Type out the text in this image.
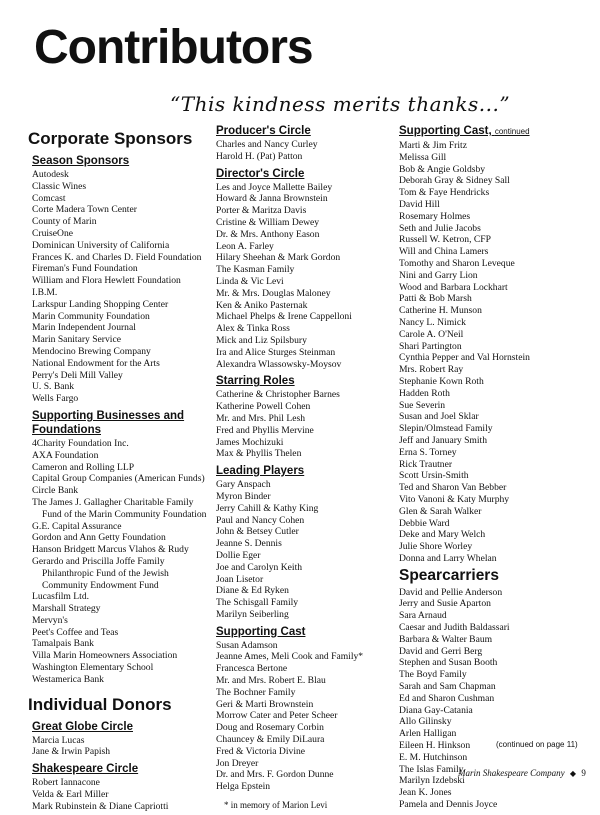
Contributors
“This kindness merits thanks...”
Corporate Sponsors
Season Sponsors
Autodesk
Classic Wines
Comcast
Corte Madera Town Center
County of Marin
CruiseOne
Dominican University of California
Frances K. and Charles D. Field Foundation
Fireman's Fund Foundation
William and Flora Hewlett Foundation
I.B.M.
Larkspur Landing Shopping Center
Marin Community Foundation
Marin Independent Journal
Marin Sanitary Service
Mendocino Brewing Company
National Endowment for the Arts
Perry's Deli Mill Valley
U. S. Bank
Wells Fargo
Supporting Businesses and Foundations
4Charity Foundation Inc.
AXA Foundation
Cameron and Rolling LLP
Capital Group Companies (American Funds)
Circle Bank
The James J. Gallagher Charitable Family Fund of the Marin Community Foundation
G.E. Capital Assurance
Gordon and Ann Getty Foundation
Hanson Bridgett Marcus Vlahos & Rudy
Gerardo and Priscilla Joffe Family Philanthropic Fund of the Jewish Community Endowment Fund
Lucasfilm Ltd.
Marshall Strategy
Mervyn's
Peet's Coffee and Teas
Tamalpais Bank
Villa Marin Homeowners Association
Washington Elementary School
Westamerica Bank
Individual Donors
Great Globe Circle
Marcia Lucas
Jane & Irwin Papish
Shakespeare Circle
Robert Iannacone
Velda & Earl Miller
Mark Rubinstein & Diane Capriotti
Producer's Circle
Charles and Nancy Curley
Harold H. (Pat) Patton
Director's Circle
Les and Joyce Mallette Bailey
Howard & Janna Brownstein
Porter & Maritza Davis
Cristine & William Dewey
Dr. & Mrs. Anthony Eason
Leon A. Farley
Hilary Sheehan & Mark Gordon
The Kasman Family
Linda & Vic Levi
Mr. & Mrs. Douglas Maloney
Ken & Aniko Pasternak
Michael Phelps & Irene Cappelloni
Alex & Tinka Ross
Mick and Liz Spilsbury
Ira and Alice Sturges Steinman
Alexandra Wlassowsky-Moysov
Starring Roles
Catherine & Christopher Barnes
Katherine Powell Cohen
Mr. and Mrs. Phil Lesh
Fred and Phyllis Mervine
James Mochizuki
Max & Phyllis Thelen
Leading Players
Gary Anspach
Myron Binder
Jerry Cahill & Kathy King
Paul and Nancy Cohen
John & Betsey Cutler
Jeanne S. Dennis
Dollie Eger
Joe and Carolyn Keith
Joan Lisetor
Diane & Ed Ryken
The Schisgall Family
Marilyn Seiberling
Supporting Cast
Susan Adamson
Jeanne Ames, Meli Cook and Family*
Francesca Bertone
Mr. and Mrs. Robert E. Blau
The Bochner Family
Geri & Marti Brownstein
Morrow Cater and Peter Scheer
Doug and Rosemary Corbin
Chauncey & Emily DiLaura
Fred & Victoria Divine
Jon Dreyer
Dr. and Mrs. F. Gordon Dunne
Helga Epstein
* in memory of Marion Levi
Supporting Cast, continued
Marti & Jim Fritz
Melissa Gill
Bob & Angie Goldsby
Deborah Gray & Sidney Sall
Tom & Faye Hendricks
David Hill
Rosemary Holmes
Seth and Julie Jacobs
Russell W. Ketron, CFP
Will and China Lamers
Tomothy and Sharon Leveque
Nini and Garry Lion
Wood and Barbara Lockhart
Patti & Bob Marsh
Catherine H. Munson
Nancy L. Nimick
Carole A. O'Neil
Shari Partington
Cynthia Pepper and Val Hornstein
Mrs. Robert Ray
Stephanie Kown Roth
Hadden Roth
Sue Severin
Susan and Joel Sklar
Slepin/Olmstead Family
Jeff and January Smith
Erna S. Torney
Rick Trautner
Scott Ursin-Smith
Ted and Sharon Van Bebber
Vito Vanoni & Katy Murphy
Glen & Sarah Walker
Debbie Ward
Deke and Mary Welch
Julie Shore Worley
Donna and Larry Whelan
Spearcarriers
David and Pellie Anderson
Jerry and Susie Aparton
Sara Arnaud
Caesar and Judith Baldassari
Barbara & Walter Baum
David and Gerri Berg
Stephen and Susan Booth
The Boyd Family
Sarah and Sam Chapman
Ed and Sharon Cushman
Diana Gay-Catania
Allo Gilinsky
Arlen Halligan
Eileen H. Hinkson
E. M. Hutchinson
The Islas Family
Marilyn Izdebski
Jean K. Jones
Pamela and Dennis Joyce
(continued on page 11)
Marin Shakespeare Company ◆ 9
